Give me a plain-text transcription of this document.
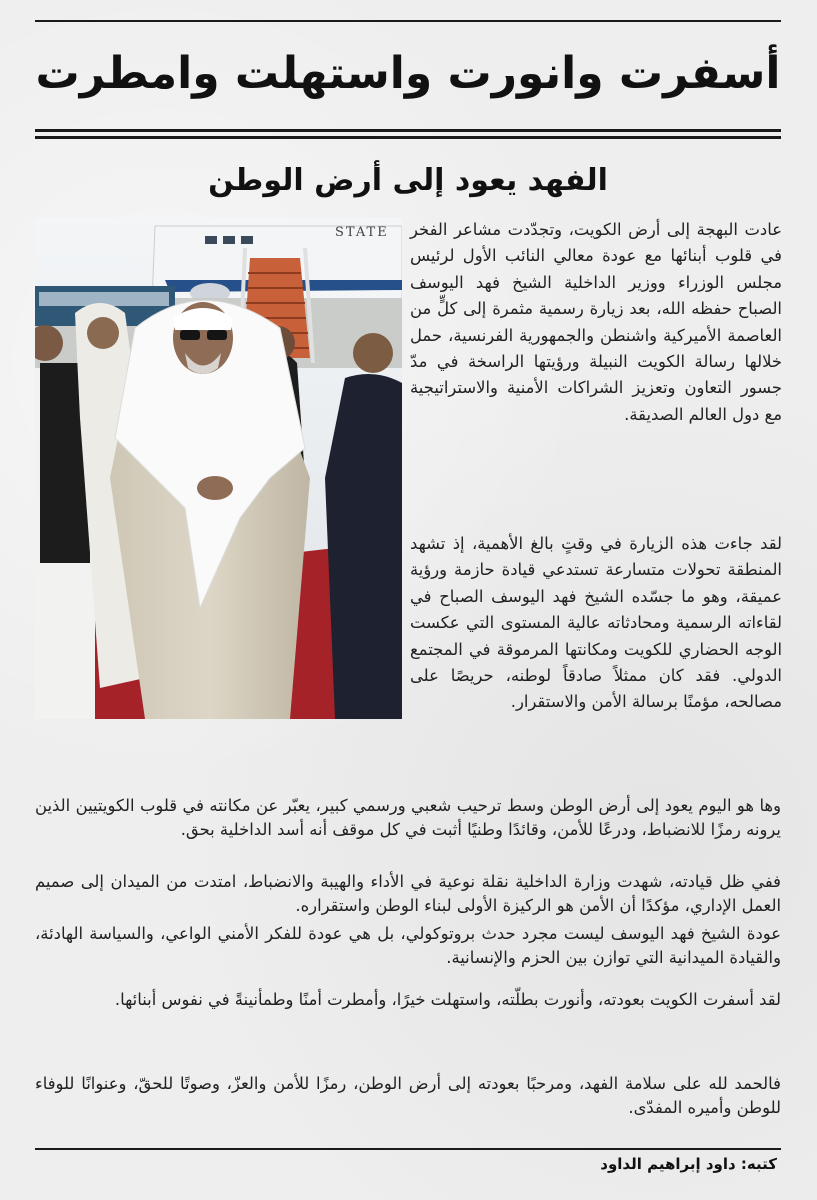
أسفرت وانورت واستهلت وامطرت
الفهد يعود إلى أرض الوطن
STATE عادت البهجة إلى أرض الكويت، وتجدّدت مشاعر الفخر في قلوب أبنائها مع عودة معالي النائب الأول لرئيس مجلس الوزراء ووزير الداخلية الشيخ فهد اليوسف الصباح حفظه الله، بعد زيارة رسمية مثمرة إلى كلٍّ من العاصمة الأميركية واشنطن والجمهورية الفرنسية، حمل خلالها رسالة الكويت النبيلة ورؤيتها الراسخة في مدّ جسور التعاون وتعزيز الشراكات الأمنية والاستراتيجية مع دول العالم الصديقة.

لقد جاءت هذه الزيارة في وقتٍ بالغ الأهمية، إذ تشهد المنطقة تحولات متسارعة تستدعي قيادة حازمة ورؤية عميقة، وهو ما جسّده الشيخ فهد اليوسف الصباح في لقاءاته الرسمية ومحادثاته عالية المستوى التي عكست الوجه الحضاري للكويت ومكانتها المرموقة في المجتمع الدولي. فقد كان ممثلاً صادقاً لوطنه، حريصًا على مصالحه، مؤمنًا برسالة الأمن والاستقرار.

وها هو اليوم يعود إلى أرض الوطن وسط ترحيب شعبي ورسمي كبير، يعبّر عن مكانته في قلوب الكويتيين الذين يرونه رمزًا للانضباط، ودرعًا للأمن، وقائدًا وطنيًا أثبت في كل موقف أنه أسد الداخلية بحق.

ففي ظل قيادته، شهدت وزارة الداخلية نقلة نوعية في الأداء والهيبة والانضباط، امتدت من الميدان إلى صميم العمل الإداري، مؤكدًا أن الأمن هو الركيزة الأولى لبناء الوطن واستقراره.

عودة الشيخ فهد اليوسف ليست مجرد حدث بروتوكولي، بل هي عودة للفكر الأمني الواعي، والسياسة الهادئة، والقيادة الميدانية التي توازن بين الحزم والإنسانية.

لقد أسفرت الكويت بعودته، وأنورت بطلّته، واستهلت خيرًا، وأمطرت أمنًا وطمأنينةً في نفوس أبنائها.

فالحمد لله على سلامة الفهد، ومرحبًا بعودته إلى أرض الوطن، رمزًا للأمن والعزّ، وصوتًا للحقّ، وعنوانًا للوفاء للوطن وأميره المفدّى.

كتبه: داود إبراهيم الداود
